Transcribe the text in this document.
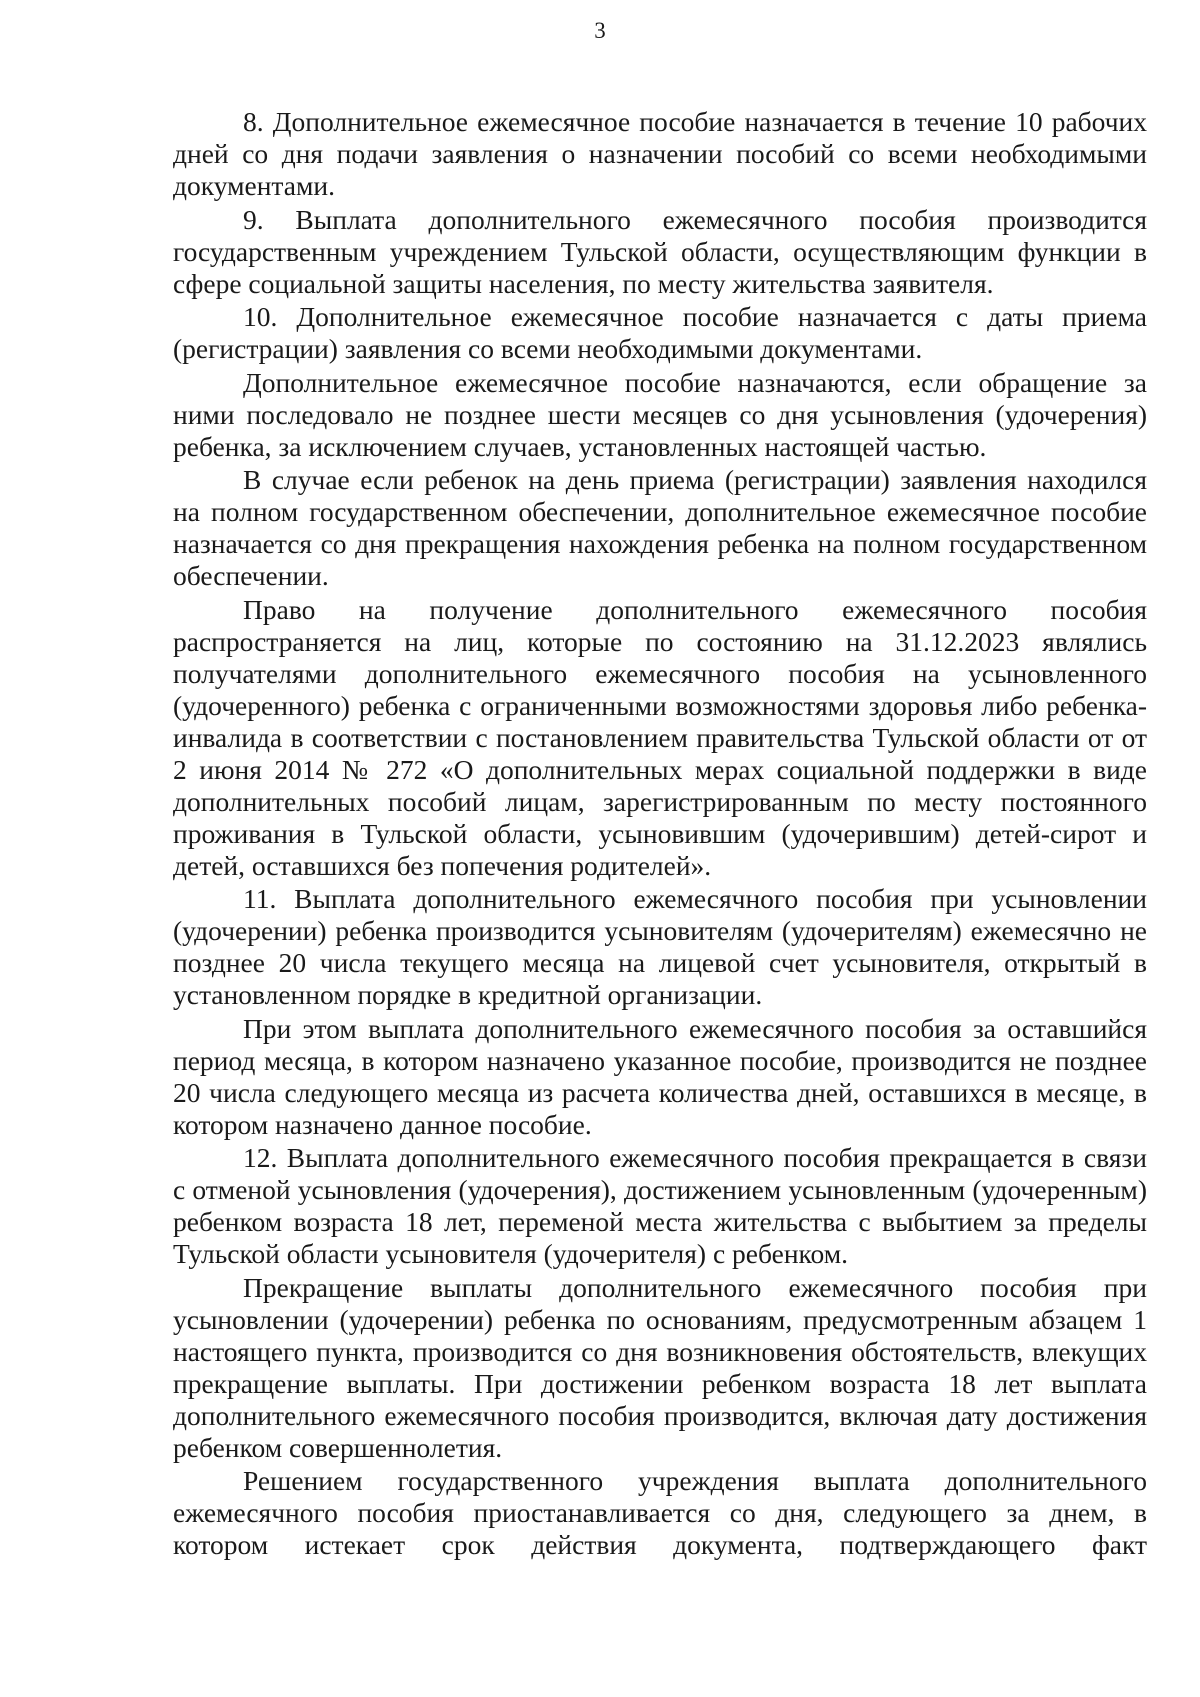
3

8. Дополнительное ежемесячное пособие назначается в течение 10 рабочих дней со дня подачи заявления о назначении пособий со всеми необходимыми документами.

9. Выплата дополнительного ежемесячного пособия производится государственным учреждением Тульской области, осуществляющим функции в сфере социальной защиты населения, по месту жительства заявителя.

10. Дополнительное ежемесячное пособие назначается с даты приема (регистрации) заявления со всеми необходимыми документами.

Дополнительное ежемесячное пособие назначаются, если обращение за ними последовало не позднее шести месяцев со дня усыновления (удочерения) ребенка, за исключением случаев, установленных настоящей частью.

В случае если ребенок на день приема (регистрации) заявления находился на полном государственном обеспечении, дополнительное ежемесячное пособие назначается со дня прекращения нахождения ребенка на полном государственном обеспечении.

Право на получение дополнительного ежемесячного пособия распространяется на лиц, которые по состоянию на 31.12.2023 являлись получателями дополнительного ежемесячного пособия на усыновленного (удочеренного) ребенка с ограниченными возможностями здоровья либо ребенка-инвалида в соответствии с постановлением правительства Тульской области от от 2 июня 2014 № 272 «О дополнительных мерах социальной поддержки в виде дополнительных пособий лицам, зарегистрированным по месту постоянного проживания в Тульской области, усыновившим (удочерившим) детей-сирот и детей, оставшихся без попечения родителей».

11. Выплата дополнительного ежемесячного пособия при усыновлении (удочерении) ребенка производится усыновителям (удочерителям) ежемесячно не позднее 20 числа текущего месяца на лицевой счет усыновителя, открытый в установленном порядке в кредитной организации.

При этом выплата дополнительного ежемесячного пособия за оставшийся период месяца, в котором назначено указанное пособие, производится не позднее 20 числа следующего месяца из расчета количества дней, оставшихся в месяце, в котором назначено данное пособие.

12. Выплата дополнительного ежемесячного пособия прекращается в связи с отменой усыновления (удочерения), достижением усыновленным (удочеренным) ребенком возраста 18 лет, переменой места жительства с выбытием за пределы Тульской области усыновителя (удочерителя) с ребенком.

Прекращение выплаты дополнительного ежемесячного пособия при усыновлении (удочерении) ребенка по основаниям, предусмотренным абзацем 1 настоящего пункта, производится со дня возникновения обстоятельств, влекущих прекращение выплаты. При достижении ребенком возраста 18 лет выплата дополнительного ежемесячного пособия производится, включая дату достижения ребенком совершеннолетия.

Решением государственного учреждения выплата дополнительного ежемесячного пособия приостанавливается со дня, следующего за днем, в котором истекает срок действия документа, подтверждающего факт
